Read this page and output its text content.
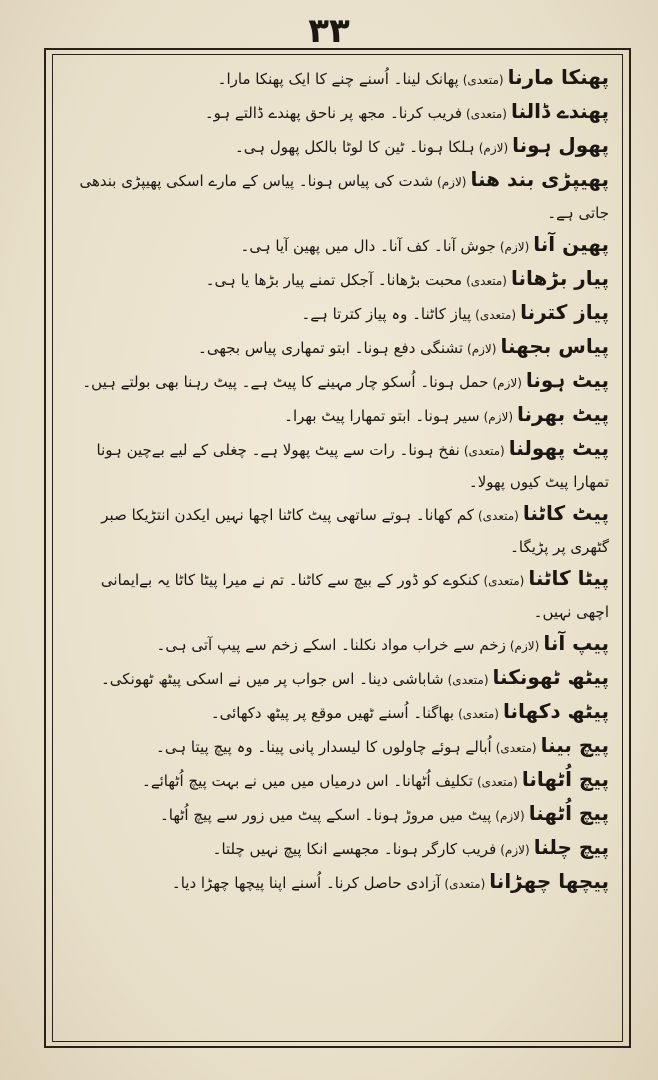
۳۳

پھنکا مارنا(متعدی)پھانک لینا۔ اُسنے چنے کا ایک پھنکا مارا۔

پھندے ڈالنا(متعدی)فریب کرنا۔ مجھ پر ناحق پھندے ڈالتے ہو۔

پھول ہونا(لازم)ہلکا ہونا۔ ٹین کا لوٹا بالکل پھول ہی۔

پھیپڑی بند ھنا(لازم)شدت کی پیاس ہونا۔ پیاس کے مارے اسکی پھیپڑی بندھی جاتی ہے۔

پھین آنا(لازم)جوش آنا۔ کف آنا۔ دال میں پھین آیا ہی۔

پیار بڑھانا(متعدی)محبت بڑھانا۔ آجکل تمنے پیار بڑھا یا ہی۔

پیاز کترنا(متعدی)پیاز کاٹنا۔ وہ پیاز کترتا ہے۔

پیاس بجھنا(لازم)تشنگی دفع ہونا۔ ابتو تمھاری پیاس بجھی۔

پیٹ ہونا(لازم)حمل ہونا۔ اُسکو چار مہینے کا پیٹ ہے۔ پیٹ رہنا بھی بولتے ہیں۔

پیٹ بھرنا(لازم)سیر ہونا۔ ابتو تمھارا پیٹ بھرا۔

پیٹ پھولنا(متعدی)نفخ ہونا۔ رات سے پیٹ پھولا ہے۔ چغلی کے لیے بےچین ہونا تمھارا پیٹ کیوں پھولا۔

پیٹ کاٹنا(متعدی)کم کھانا۔ ہوتے ساتھی پیٹ کاٹنا اچھا نہیں ایکدن انتڑیکا صبر گٹھری پر پڑیگا۔

پیٹا کاٹنا(متعدی)کنکوے کو ڈور کے بیچ سے کاٹنا۔ تم نے میرا پیٹا کاٹا یہ بےایمانی اچھی نہیں۔

پیپ آنا(لازم)زخم سے خراب مواد نکلنا۔ اسکے زخم سے پیپ آتی ہی۔

پیٹھ ٹھونکنا(متعدی)شاباشی دینا۔ اس جواب پر میں نے اسکی پیٹھ ٹھونکی۔

پیٹھ دکھانا(متعدی)بھاگنا۔ اُسنے ٹھیں موقع پر پیٹھ دکھائی۔

پیچ بینا(متعدی)اُبالے ہوئے چاولوں کا لیسدار پانی پینا۔ وہ پیچ پیتا ہی۔

پیچ اُٹھانا(متعدی)تکلیف اُٹھانا۔ اس درمیاں میں میں نے بہت پیچ اُٹھائے۔

پیچ اُٹھنا(لازم)پیٹ میں مروڑ ہونا۔ اسکے پیٹ میں زور سے پیچ اُٹھا۔

پیچ چلنا(لازم)فریب کارگر ہونا۔ مجھسے انکا پیچ نہیں چلتا۔

پیچھا چھڑانا(متعدی)آزادی حاصل کرنا۔ اُسنے اپنا پیچھا چھڑا دیا۔
